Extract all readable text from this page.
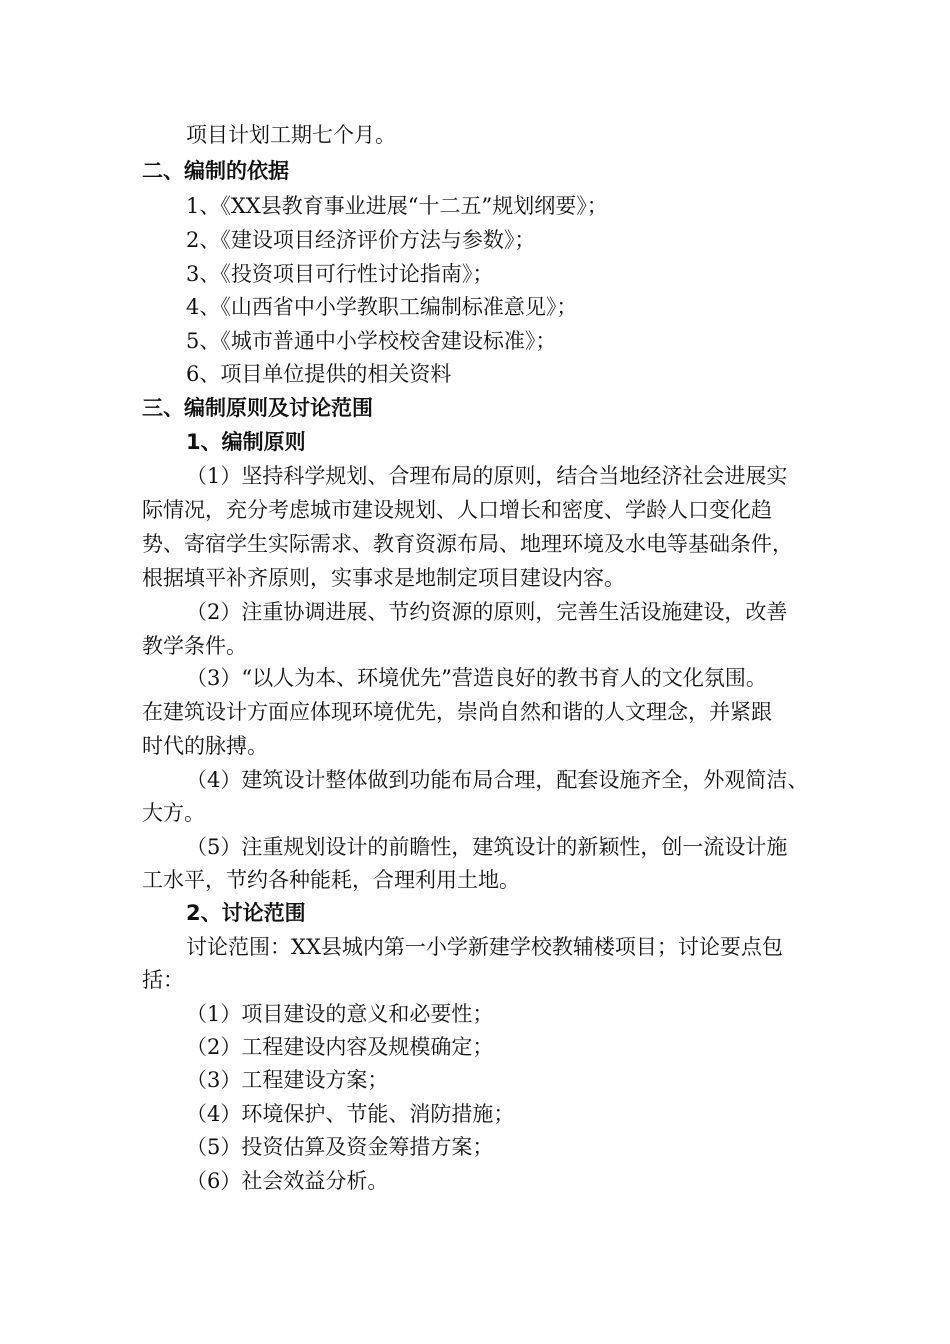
项目计划工期七个月。
二、编制的依据
1、《XX县教育事业进展“十二五”规划纲要》；
2、《建设项目经济评价方法与参数》；
3、《投资项目可行性讨论指南》；
4、《山西省中小学教职工编制标准意见》；
5、《城市普通中小学校校舍建设标准》；
6、项目单位提供的相关资料
三、编制原则及讨论范围
1、编制原则
（1）坚持科学规划、合理布局的原则，结合当地经济社会进展实
际情况，充分考虑城市建设规划、人口增长和密度、学龄人口变化趋
势、寄宿学生实际需求、教育资源布局、地理环境及水电等基础条件，
根据填平补齐原则，实事求是地制定项目建设内容。
（2）注重协调进展、节约资源的原则，完善生活设施建设，改善
教学条件。
（3）“以人为本、环境优先”营造良好的教书育人的文化氛围。
在建筑设计方面应体现环境优先，崇尚自然和谐的人文理念，并紧跟
时代的脉搏。
（4）建筑设计整体做到功能布局合理，配套设施齐全，外观简洁、
大方。
（5）注重规划设计的前瞻性，建筑设计的新颖性，创一流设计施
工水平，节约各种能耗，合理利用土地。
2、讨论范围
讨论范围：XX县城内第一小学新建学校教辅楼项目；讨论要点包
括：
（1）项目建设的意义和必要性；
（2）工程建设内容及规模确定；
（3）工程建设方案；
（4）环境保护、节能、消防措施；
（5）投资估算及资金筹措方案；
（6）社会效益分析。
